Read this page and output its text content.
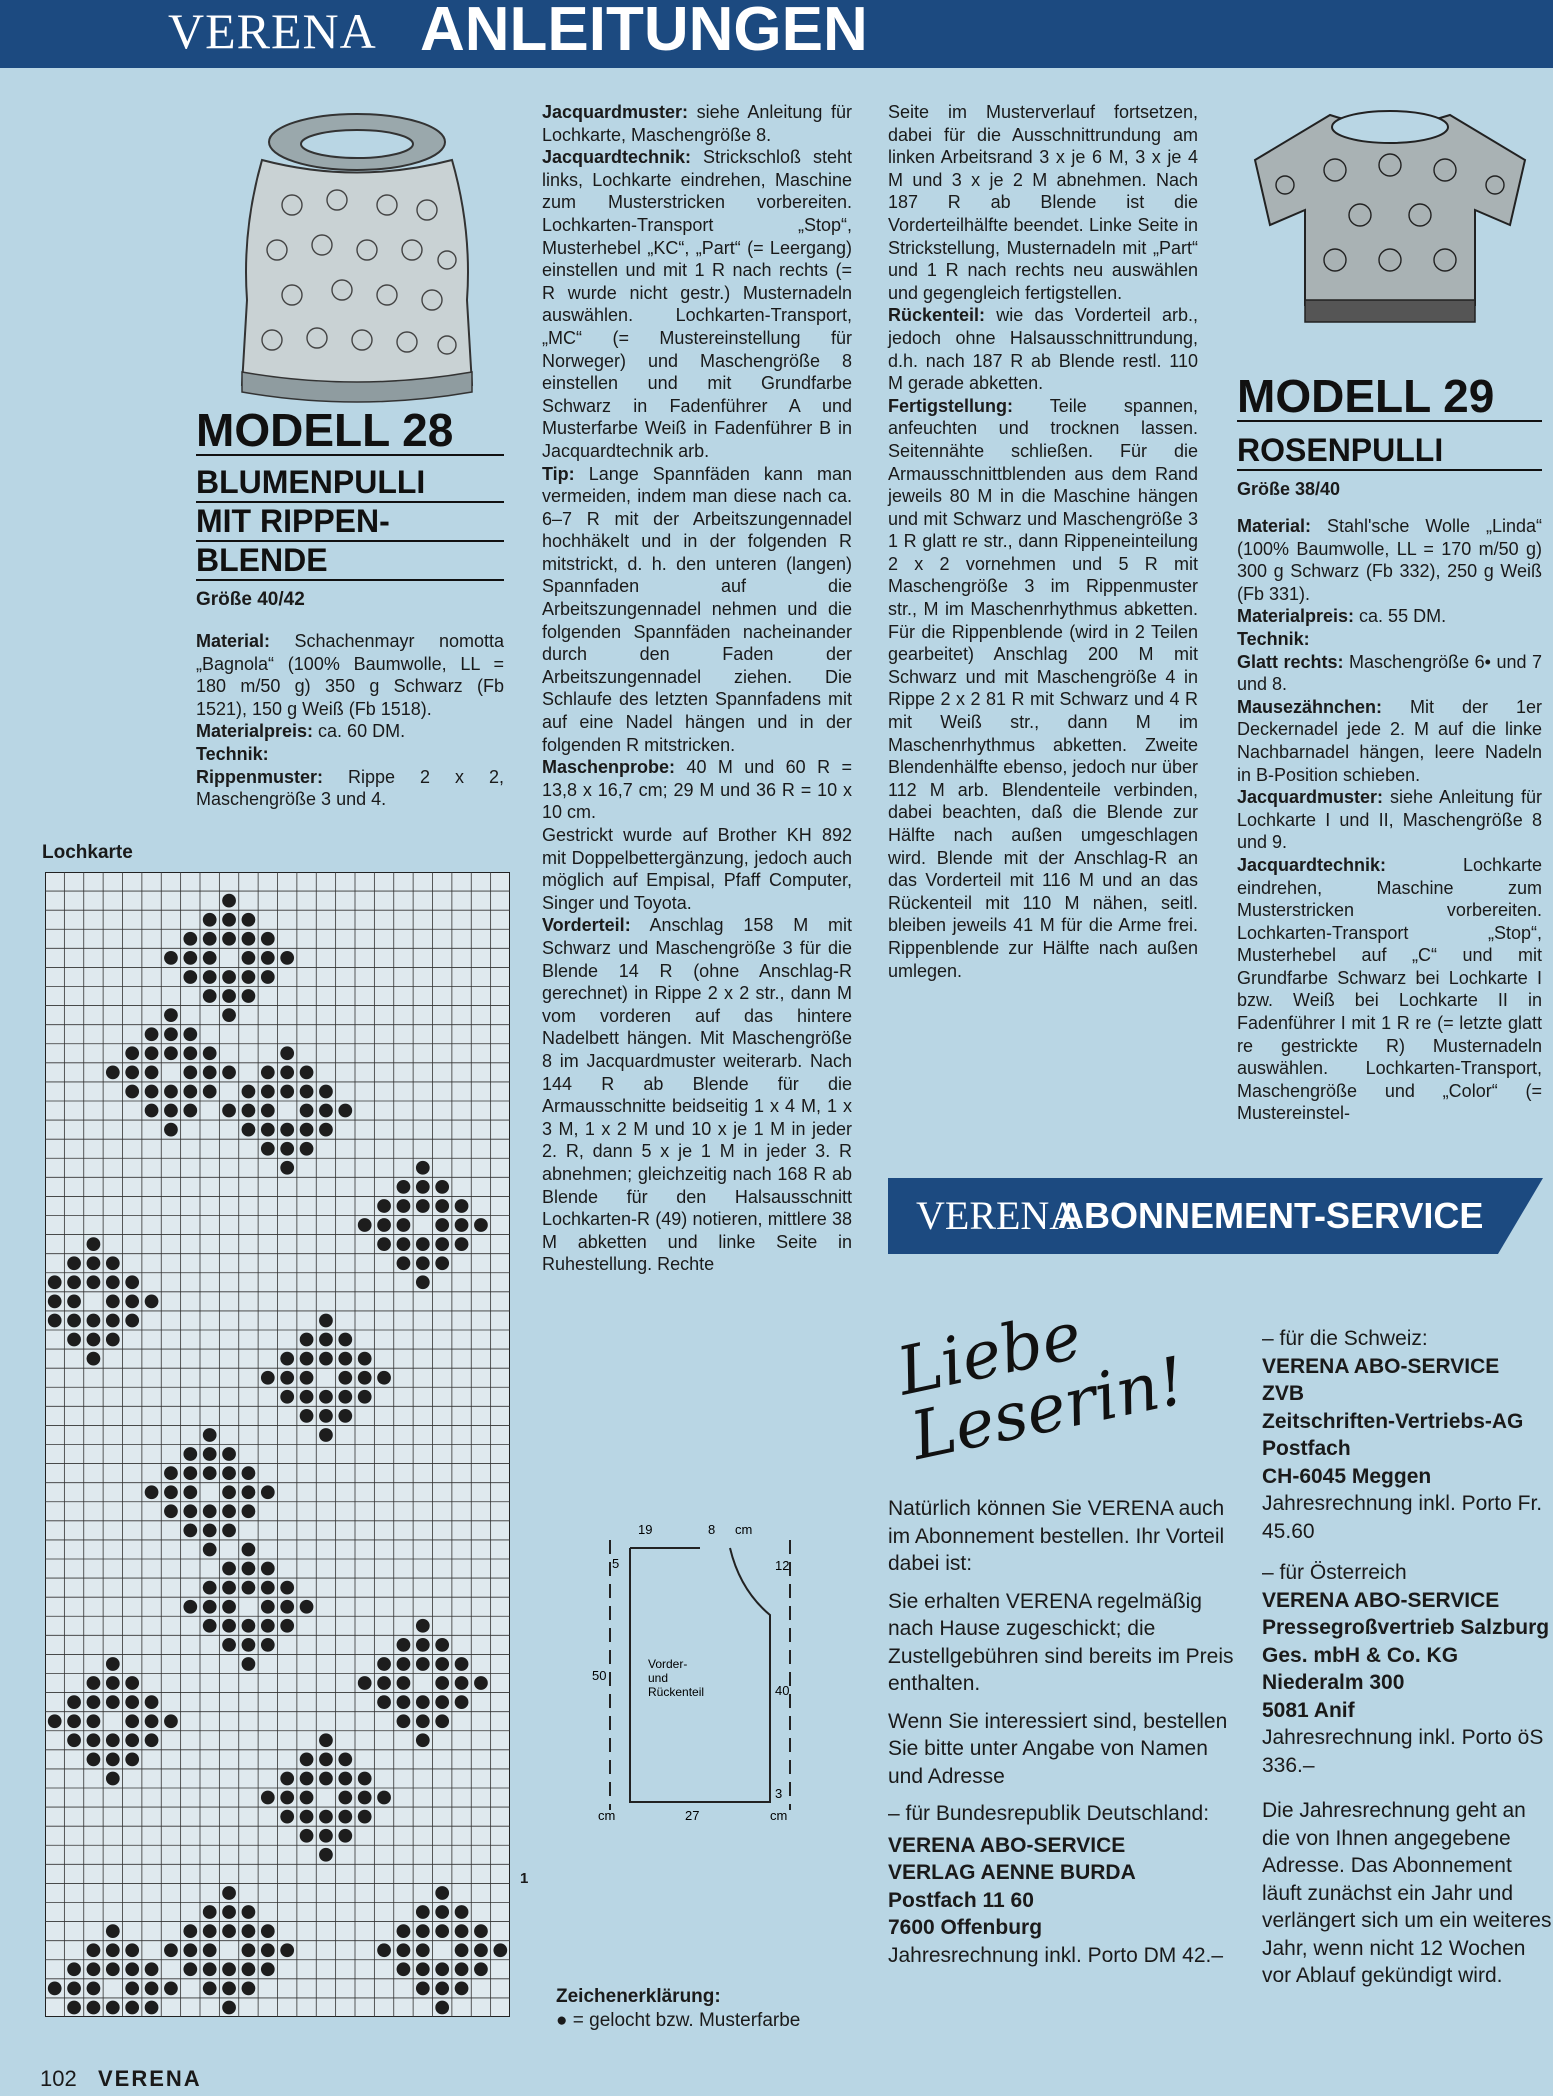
VERENA ANLEITUNGEN
MODELL 28
BLUMENPULLI
MIT RIPPEN-
BLENDE
Größe 40/42

Material: Schachenmayr nomotta „Bagnola“ (100% Baumwolle, LL = 180 m/50 g) 350 g Schwarz (Fb 1521), 150 g Weiß (Fb 1518).

Materialpreis: ca. 60 DM.

Technik:

Rippenmuster: Rippe 2 x 2, Maschengröße 3 und 4.

Lochkarte
1

Jacquardmuster: siehe Anleitung für Lochkarte, Maschengröße 8.

Jacquardtechnik: Strickschloß steht links, Lochkarte eindrehen, Maschine zum Musterstricken vorbereiten. Lochkarten-Transport „Stop“, Musterhebel „KC“, „Part“ (= Leergang) einstellen und mit 1 R nach rechts (= R wurde nicht gestr.) Musternadeln auswählen. Lochkarten-Transport, „MC“ (= Mustereinstellung für Norweger) und Maschengröße 8 einstellen und mit Grundfarbe Schwarz in Fadenführer A und Musterfarbe Weiß in Fadenführer B in Jacquardtechnik arb.

Tip: Lange Spannfäden kann man vermeiden, indem man diese nach ca. 6–7 R mit der Arbeitszungennadel hochhäkelt und in der folgenden R mitstrickt, d. h. den unteren (langen) Spannfaden auf die Arbeitszungennadel nehmen und die folgenden Spannfäden nacheinander durch den Faden der Arbeitszungennadel ziehen. Die Schlaufe des letzten Spannfadens mit auf eine Nadel hängen und in der folgenden R mitstricken.

Maschenprobe: 40 M und 60 R = 13,8 x 16,7 cm; 29 M und 36 R = 10 x 10 cm.

Gestrickt wurde auf Brother KH 892 mit Doppelbettergänzung, jedoch auch möglich auf Empisal, Pfaff Computer, Singer und Toyota.

Vorderteil: Anschlag 158 M mit Schwarz und Maschengröße 3 für die Blende 14 R (ohne Anschlag-R gerechnet) in Rippe 2 x 2 str., dann M vom vorderen auf das hintere Nadelbett hängen. Mit Maschengröße 8 im Jacquardmuster weiterarb. Nach 144 R ab Blende für die Armausschnitte beidseitig 1 x 4 M, 1 x 3 M, 1 x 2 M und 10 x je 1 M in jeder 2. R, dann 5 x je 1 M in jeder 3. R abnehmen; gleichzeitig nach 168 R ab Blende für den Halsausschnitt Lochkarten-R (49) notieren, mittlere 38 M abketten und linke Seite in Ruhestellung. Rechte

19	8 cm
5	12
50
40
Vorder- und Rückenteil
3
cm	27	cm
Zeichenerklärung:
● = gelocht bzw. Musterfarbe

Seite im Musterverlauf fortsetzen, dabei für die Ausschnittrundung am linken Arbeitsrand 3 x je 6 M, 3 x je 4 M und 3 x je 2 M abnehmen. Nach 187 R ab Blende ist die Vorderteilhälfte beendet. Linke Seite in Strickstellung, Musternadeln mit „Part“ und 1 R nach rechts neu auswählen und gegengleich fertigstellen.

Rückenteil: wie das Vorderteil arb., jedoch ohne Halsausschnittrundung, d.h. nach 187 R ab Blende restl. 110 M gerade abketten.

Fertigstellung: Teile spannen, anfeuchten und trocknen lassen. Seitennähte schließen. Für die Armausschnittblenden aus dem Rand jeweils 80 M in die Maschine hängen und mit Schwarz und Maschengröße 3 1 R glatt re str., dann Rippeneinteilung 2 x 2 vornehmen und 5 R mit Maschengröße 3 im Rippenmuster str., M im Maschenrhythmus abketten. Für die Rippenblende (wird in 2 Teilen gearbeitet) Anschlag 200 M mit Schwarz und mit Maschengröße 4 in Rippe 2 x 2 81 R mit Schwarz und 4 R mit Weiß str., dann M im Maschenrhythmus abketten. Zweite Blendenhälfte ebenso, jedoch nur über 112 M arb. Blendenteile verbinden, dabei beachten, daß die Blende zur Hälfte nach außen umgeschlagen wird. Blende mit der Anschlag-R an das Vorderteil mit 116 M und an das Rückenteil mit 110 M nähen, seitl. bleiben jeweils 41 M für die Arme frei. Rippenblende zur Hälfte nach außen umlegen.

MODELL 29
ROSENPULLI
Größe 38/40

Material: Stahl'sche Wolle „Linda“ (100% Baumwolle, LL = 170 m/50 g) 300 g Schwarz (Fb 332), 250 g Weiß (Fb 331).

Materialpreis: ca. 55 DM.

Technik:

Glatt rechts: Maschengröße 6• und 7 und 8.

Mausezähnchen: Mit der 1er Deckernadel jede 2. M auf die linke Nachbarnadel hängen, leere Nadeln in B-Position schieben.

Jacquardmuster: siehe Anleitung für Lochkarte I und II, Maschengröße 8 und 9.

Jacquardtechnik: Lochkarte eindrehen, Maschine zum Musterstricken vorbereiten. Lochkarten-Transport „Stop“, Musterhebel auf „C“ und mit Grundfarbe Schwarz bei Lochkarte I bzw. Weiß bei Lochkarte II in Fadenführer I mit 1 R re (= letzte glatt re gestrickte R) Musternadeln auswählen. Lochkarten-Transport, Maschengröße und „Color“ (= Mustereinstel-

VERENA
ABONNEMENT-SERVICE
Liebe Leserin!

Natürlich können Sie VERENA auch im Abonnement bestellen. Ihr Vorteil dabei ist:

Sie erhalten VERENA regelmäßig nach Hause zugeschickt; die Zustellgebühren sind bereits im Preis enthalten.

Wenn Sie interessiert sind, bestellen Sie bitte unter Angabe von Namen und Adresse

– für Bundesrepublik Deutschland:

VERENA ABO-SERVICE
VERLAG AENNE BURDA
Postfach 11 60
7600 Offenburg
Jahresrechnung inkl. Porto DM 42.–
– für die Schweiz:
VERENA ABO-SERVICE
ZVB
Zeitschriften-Vertriebs-AG
Postfach
CH-6045 Meggen

Jahresrechnung inkl. Porto Fr. 45.60

– für Österreich
VERENA ABO-SERVICE
Pressegroßvertrieb Salzburg
Ges. mbH & Co. KG
Niederalm 300
5081 Anif

Jahresrechnung inkl. Porto öS 336.–

Die Jahresrechnung geht an die von Ihnen angegebene Adresse. Das Abonnement läuft zunächst ein Jahr und verlängert sich um ein weiteres Jahr, wenn nicht 12 Wochen vor Ablauf gekündigt wird.

102 VERENA
